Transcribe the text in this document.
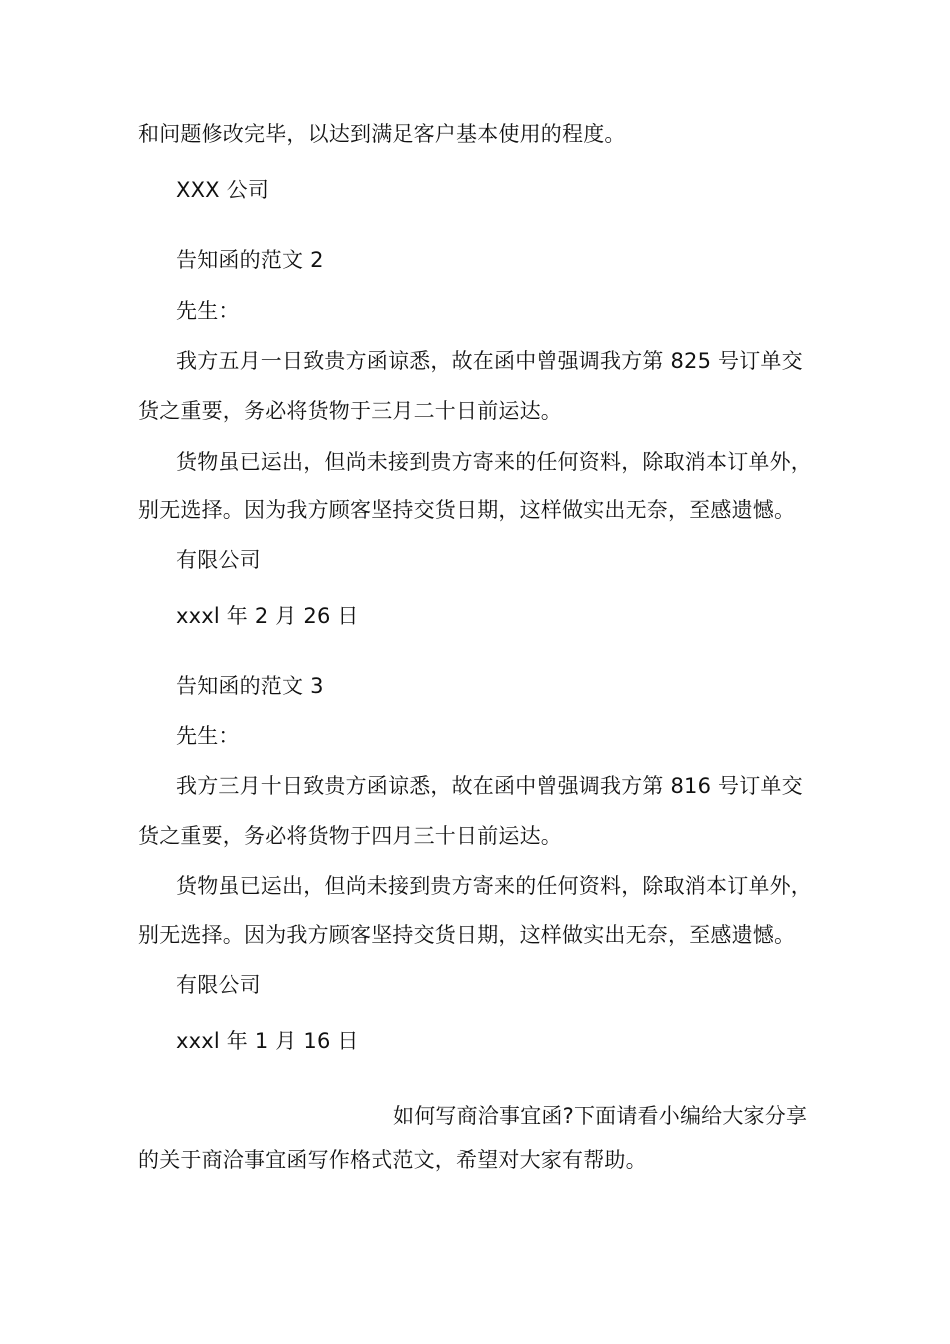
和问题修改完毕，以达到满足客户基本使用的程度。
XXX 公司
告知函的范文 2
先生：
我方五月一日致贵方函谅悉，故在函中曾强调我方第 825 号订单交
货之重要，务必将货物于三月二十日前运达。
货物虽已运出，但尚未接到贵方寄来的任何资料，除取消本订单外，
别无选择。因为我方顾客坚持交货日期，这样做实出无奈，至感遗憾。
有限公司
xxxl 年 2 月 26 日
告知函的范文 3
先生：
我方三月十日致贵方函谅悉，故在函中曾强调我方第 816 号订单交
货之重要，务必将货物于四月三十日前运达。
货物虽已运出，但尚未接到贵方寄来的任何资料，除取消本订单外，
别无选择。因为我方顾客坚持交货日期，这样做实出无奈，至感遗憾。
有限公司
xxxl 年 1 月 16 日
如何写商洽事宜函?下面请看小编给大家分享
的关于商洽事宜函写作格式范文，希望对大家有帮助。
